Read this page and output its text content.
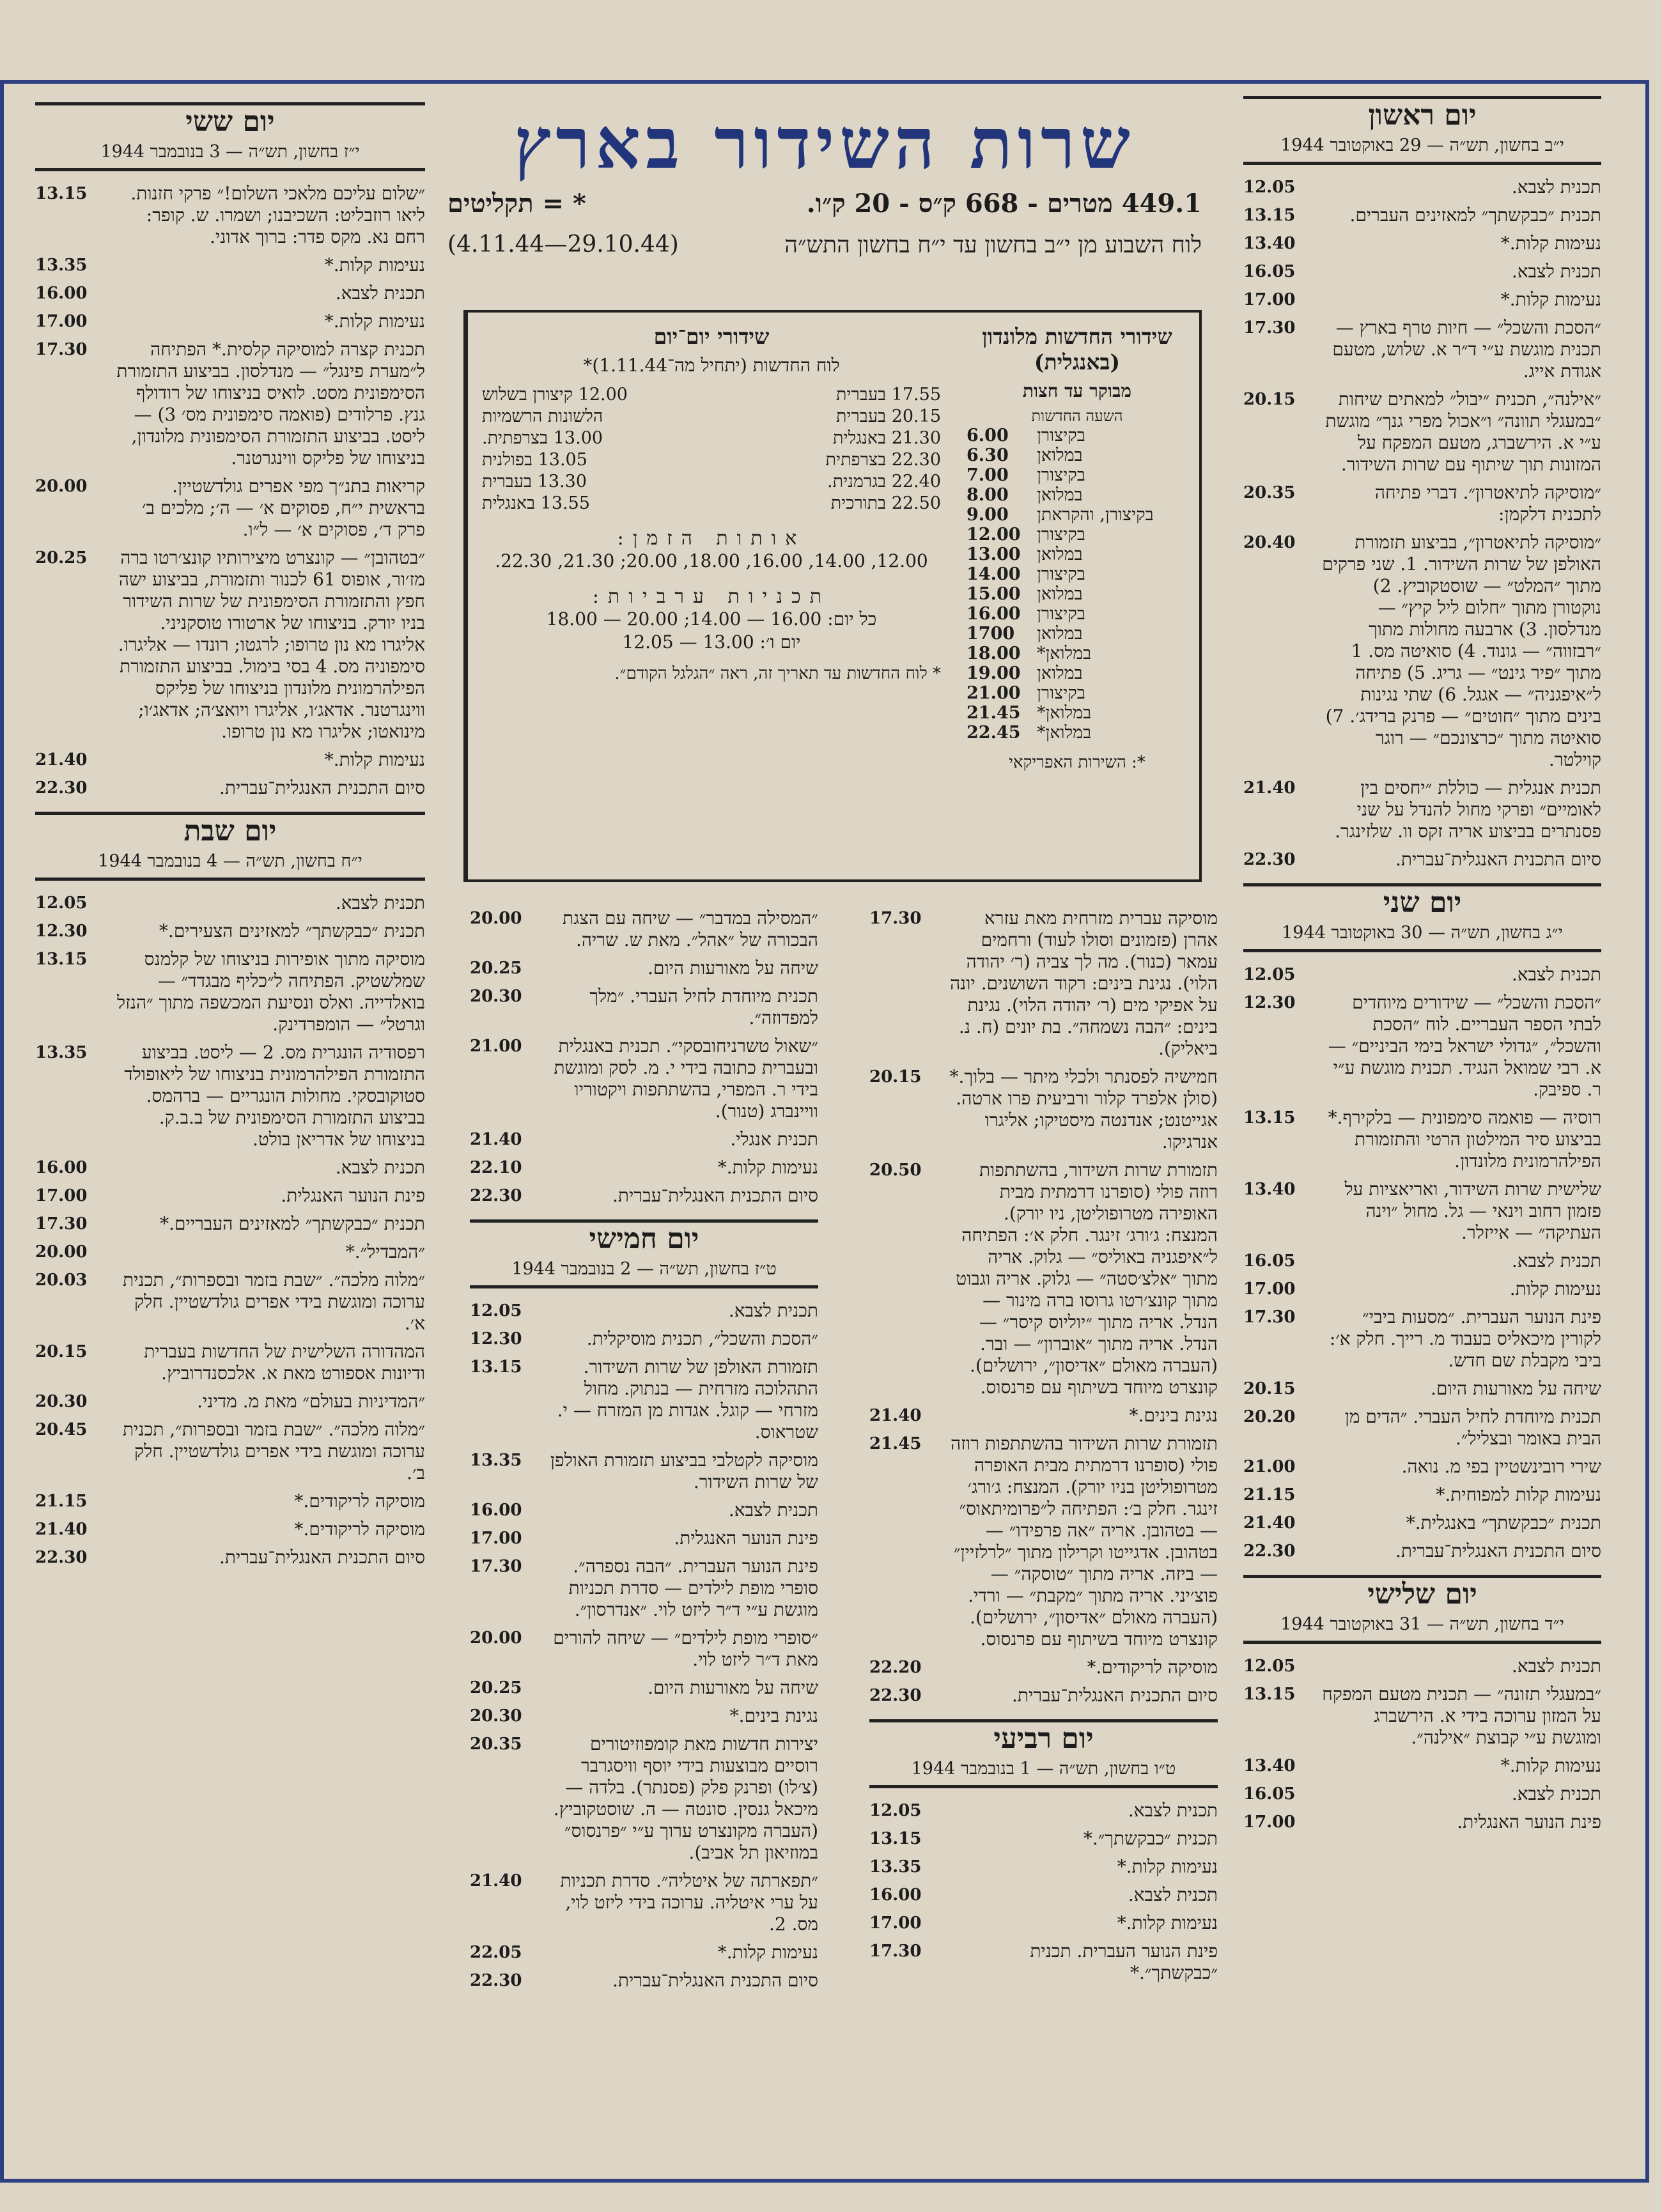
שרות השידור בארץ
449.1 מטרים - 668 ק״ס - 20 ק״ו.
* = תקליטים
לוח השבוע מן י״ב בחשון עד י״ח בחשון התש״ה
(29.10.44—4.11.44)
שידורי יום־יום
לוח החדשות (יתחיל מה־1.11.44)*
12.00 קיצורן בשלוש	17.55 בעברית
הלשונות הרשמיות	20.15 בעברית
13.00 בצרפתית.	21.30 באנגלית
13.05 בפולנית	22.30 בצרפתית
13.30 בעברית	22.40 בגרמנית.
13.55 באנגלית	22.50 בתורכית
אותות הזמן:
12.00, 14.00, 16.00, 18.00, 20.00; 21.30, 22.30.
תכניות ערביות:
כל יום: 16.00 — 14.00; 20.00 — 18.00
יום ו׳: 13.00 — 12.05
* לוח החדשות עד תאריך זה, ראה ״הגלגל הקודם״.
שידורי החדשות מלונדון (באנגלית)
מבוקר עד חצות
השעה החדשות
6.00	בקיצורן
6.30	במלואן
7.00	בקיצורן
8.00	במלואן
9.00	בקיצורן, והקראתן
12.00 בקיצורן
13.00 במלואן
14.00 בקיצורן
15.00 במלואן
16.00 בקיצורן
1700	במלואן
18.00 במלואן*
19.00 במלואן
21.00 בקיצורן
21.45 במלואן*
22.45 במלואן*
*: השירות האפריקאי
יום ראשון
י״ב בחשון, תש״ה — 29 באוקטובר 1944
12.05	תכנית לצבא.
13.15	תכנית ״כבקשתך״ למאזינים העברים.
13.40	נעימות קלות.*
16.05	תכנית לצבא.
17.00	נעימות קלות.*
17.30	״הסכת והשכל״ — חיות טרף בארץ — תכנית מוגשת ע״י ד״ר א. שלוש, מטעם אגודת אייג.
20.15	״אילנה״, תכנית ״יבול״ למאתים שיחות ״במעגלי תוונה״ ו״אכול מפרי גנך״ מוגשת ע״י א. הירשברג, מטעם המפקח על המזונות תוך שיתוף עם שרות השידור.
20.35	״מוסיקה לתיאטרון״. דברי פתיחה לתכנית דלקמן:
20.40	״מוסיקה לתיאטרון״, בביצוע תזמורת האולפן של שרות השידור. 1. שני פרקים מתוך ״המלט״ — שוסטקוביץ. 2) נוקטורן מתוך ״חלום ליל קיץ״ — מנדלסון. 3) ארבעה מחולות מתוך ״רבזווה״ — גונוד. 4) סואיטה מס. 1 מתוך ״פיר גינט״ — גריג. 5) פתיחה ל״איפגניה״ — אגגל. 6) שתי נגינות בינים מתוך ״חוטים״ — פרנק ברידג׳. 7) סואיטה מתוך ״כרצונכם״ — רוגר קוילטר.
21.40	תכנית אנגלית — כוללת ״יחסים בין לאומיים״ ופרקי מחול להנדל על שני פסנתרים בביצוע אריה זקס וו. שלזינגר.
22.30	סיום התכנית האנגלית־עברית.
יום שני
י״ג בחשון, תש״ה — 30 באוקטובר 1944
12.05	תכנית לצבא.
12.30	״הסכת והשכל״ — שידורים מיוחדים לבתי הספר העבריים. לוח ״הסכת והשכל״, ״גדולי ישראל בימי הביניים״ — א. רבי שמואל הנגיד. תכנית מוגשת ע״י ר. ספיבק.
13.15	רוסיה — פואמה סימפונית — בלקירף.* בביצוע סיר המילטון הרטי והתזמורת הפילהרמונית מלונדון.
13.40	שלישית שרות השידור, ואריאציות על פזמון רחוב וינאי — גל. מחול ״וינה העתיקה״ — אייזלר.
16.05	תכנית לצבא.
17.00	נעימות קלות.
17.30	פינת הנוער העברית. ״מסעות ביבי״ לקורין מיכאליס בעבוד מ. רייך. חלק א׳: ביבי מקבלת שם חדש.
20.15	שיחה על מאורעות היום.
20.20	תכנית מיוחדת לחיל העברי. ״הדים מן הבית באומר ובצליל״.
21.00	שירי רובינשטיין בפי מ. נואה.
21.15	נעימות קלות למפוחית.*
21.40	תכנית ״כבקשתך״ באנגלית.*
22.30	סיום התכנית האנגלית־עברית.
יום שלישי
י״ד בחשון, תש״ה — 31 באוקטובר 1944
12.05	תכנית לצבא.
13.15	״במעגלי תזונה״ — תכנית מטעם המפקח על המזון ערוכה בידי א. הירשברג ומוגשת ע״י קבוצת ״אילנה״.
13.40	נעימות קלות.*
16.05	תכנית לצבא.
17.00	פינת הנוער האנגלית.
17.30	מוסיקה עברית מזרחית מאת עזרא אהרן (פזמונים וסולו לעוד) ורחמים עמאר (כנור). מה לך צביה (ר׳ יהודה הלוי). נגינת בינים: רקוד השושנים. יונה על אפיקי מים (ר׳ יהודה הלוי). נגינת בינים: ״הבה נשמחה״. בת יונים (ח. נ. ביאליק).
20.15	חמישיה לפסנתר ולכלי מיתר — בלוך.* (סולן אלפרד קלור ורביעית פרו ארטה. אגייטנט; אנדנטה מיסטיקו; אליגרו אנרגיקו.
20.50	תזמורת שרות השידור, בהשתתפות רוזה פולי (סופרנו דרמתית מבית האופירה מטרופוליטן, ניו יורק). המנצח: ג׳ורג׳ זינגר. חלק א׳: הפתיחה ל״איפגניה באוליס״ — גלוק. אריה מתוך ״אלצ׳סטה״ — גלוק. אריה וגבוט מתוך קונצ׳רטו גרוסו ברה מינור — הנדל. אריה מתוך ״יוליוס קיסר״ — הנדל. אריה מתוך ״אוברון״ — ובר. (העברה מאולם ״אדיסון״, ירושלים). קונצרט מיוחד בשיתוף עם פרנסוס.
21.40	נגינת בינים.*
21.45	תזמורת שרות השידור בהשתתפות רוזה פולי (סופרנו דרמתית מבית האופרה מטרופוליטן בניו יורק). המנצח: ג׳ורג׳ זינגר. חלק ב׳: הפתיחה ל״פרומיתאוס״ — בטהובן. אריה ״אה פרפידו״ — בטהובן. אדגייטו וקרילון מתוך ״לרלזיין״ — ביזה. אריה מתוך ״טוסקה״ — פוצ׳יני. אריה מתוך ״מקבת״ — ורדי. (העברה מאולם ״אדיסון״, ירושלים). קונצרט מיוחד בשיתוף עם פרנסוס.
22.20	מוסיקה לריקודים.*
22.30	סיום התכנית האנגלית־עברית.
יום רביעי
ט״ו בחשון, תש״ה — 1 בנובמבר 1944
12.05	תכנית לצבא.
13.15	תכנית ״כבקשתך״.*
13.35	נעימות קלות.*
16.00	תכנית לצבא.
17.00	נעימות קלות.*
17.30	פינת הנוער העברית. תכנית ״כבקשתך״.*
20.00	״המסילה במדבר״ — שיחה עם הצגת הבכורה של ״אהל״. מאת ש. שריה.
20.25	שיחה על מאורעות היום.
20.30	תכנית מיוחדת לחיל העברי. ״מלך למפדוזה״.
21.00	״שאול טשרניחובסקי״. תכנית באנגלית ובעברית כתובה בידי י. מ. לסק ומוגשת בידי ר. המפרי, בהשתתפות ויקטוריו וויינברג (טנור).
21.40	תכנית אנגלי.
22.10	נעימות קלות.*
22.30	סיום התכנית האנגלית־עברית.
יום חמישי
ט״ז בחשון, תש״ה — 2 בנובמבר 1944
12.05	תכנית לצבא.
12.30	״הסכת והשכל״, תכנית מוסיקלית.
13.15	תזמורת האולפן של שרות השידור. התהלוכה מזרחית — בנתוק. מחול מזרחי — קוגל. אגדות מן המזרח — י. שטראוס.
13.35	מוסיקה לקטלבי בביצוע תזמורת האולפן של שרות השידור.
16.00	תכנית לצבא.
17.00	פינת הנוער האנגלית.
17.30	פינת הנוער העברית. ״הבה נספרה״. סופרי מופת לילדים — סדרת תכניות מוגשת ע״י ד״ר ליזט לוי. ״אנדרסון״.
20.00	״סופרי מופת לילדים״ — שיחה להורים מאת ד״ר ליזט לוי.
20.25	שיחה על מאורעות היום.
20.30	נגינת בינים.*
20.35	יצירות חדשות מאת קומפוזיטורים רוסיים מבוצעות בידי יוסף וויסגרבר (צ׳לו) ופרנק פלק (פסנתר). בלדה — מיכאל גנסין. סונטה — ה. שוסטקוביץ. (העברה מקונצרט ערוך ע״י ״פרנסוס״ במוזיאון תל אביב).
21.40	״תפארתה של איטליה״. סדרת תכניות על ערי איטליה. ערוכה בידי ליזט לוי, מס. 2.
22.05	נעימות קלות.*
22.30	סיום התכנית האנגלית־עברית.
יום ששי
י״ז בחשון, תש״ה — 3 בנובמבר 1944
13.15	״שלום עליכם מלאכי השלום!״ פרקי חזנות. ליאו רוזבליט: השכיבנו; ושמרו. ש. קופר: רחם נא. מקס פדר: ברוך אדוני.
13.35	נעימות קלות.*
16.00	תכנית לצבא.
17.00	נעימות קלות.*
17.30	תכנית קצרה למוסיקה קלסית.* הפתיחה ל״מערת פינגל״ — מנדלסון. בביצוע התזמורת הסימפונית מסט. לואיס בניצוחו של רודולף גנץ. פרלודים (פואמה סימפונית מס׳ 3) — ליסט. בביצוע התזמורת הסימפונית מלונדון, בניצוחו של פליקס ווינגרטנר.
20.00	קריאות בתנ״ך מפי אפרים גולדשטיין. בראשית י״ח, פסוקים א׳ — ה׳; מלכים ב׳ פרק ד׳, פסוקים א׳ — ל״ו.
20.25	״בטהובן״ — קונצרט מיצירותיו קונצ׳רטו ברה מז׳ור, אופוס 61 לכנור ותזמורת, בביצוע ישה חפץ והתזמורת הסימפונית של שרות השידור בניו יורק. בניצוחו של ארטורו טוסקניני. אליגרו מא נון טרופו; לרגטו; רונדו — אליגרו. סימפוניה מס. 4 בסי בימול. בביצוע התזמורת הפילהרמונית מלונדון בניצוחו של פליקס ווינגרטנר. אדאג׳ו, אליגרו ויואצ׳ה; אדאג׳ו; מינואטו; אליגרו מא נון טרופו.
21.40	נעימות קלות.*
22.30	סיום התכנית האנגלית־עברית.
יום שבת
י״ח בחשון, תש״ה — 4 בנובמבר 1944
12.05	תכנית לצבא.
12.30	תכנית ״כבקשתך״ למאזינים הצעירים.*
13.15	מוסיקה מתוך אופירות בניצוחו של קלמנס שמלשטיק. הפתיחה ל״כליף מבגדד״ — בואלדייה. ואלס ונסיעת המכשפה מתוך ״הנזל וגרטל״ — הומפרדינק.
13.35	רפסודיה הונגרית מס. 2 — ליסט. בביצוע התזמורת הפילהרמונית בניצוחו של ליאופולד סטוקובסקי. מחולות הונגריים — ברהמס. בביצוע התזמורת הסימפונית של ב.ב.ק. בניצוחו של אדריאן בולט.
16.00	תכנית לצבא.
17.00	פינת הנוער האנגלית.
17.30	תכנית ״כבקשתך״ למאזינים העבריים.*
20.00	״המבדיל״.*
20.03	״מלוה מלכה״. ״שבת בזמר ובספרות״, תכנית ערוכה ומוגשת בידי אפרים גולדשטיין. חלק א׳.
20.15	המהדורה השלישית של החדשות בעברית ודיונות אספורט מאת א. אלכסנדרוביץ.
20.30	״המדיניות בעולם״ מאת מ. מדיני.
20.45	״מלוה מלכה״. ״שבת בזמר ובספרות״, תכנית ערוכה ומוגשת בידי אפרים גולדשטיין. חלק ב׳.
21.15	מוסיקה לריקודים.*
21.40	מוסיקה לריקודים.*
22.30	סיום התכנית האנגלית־עברית.
